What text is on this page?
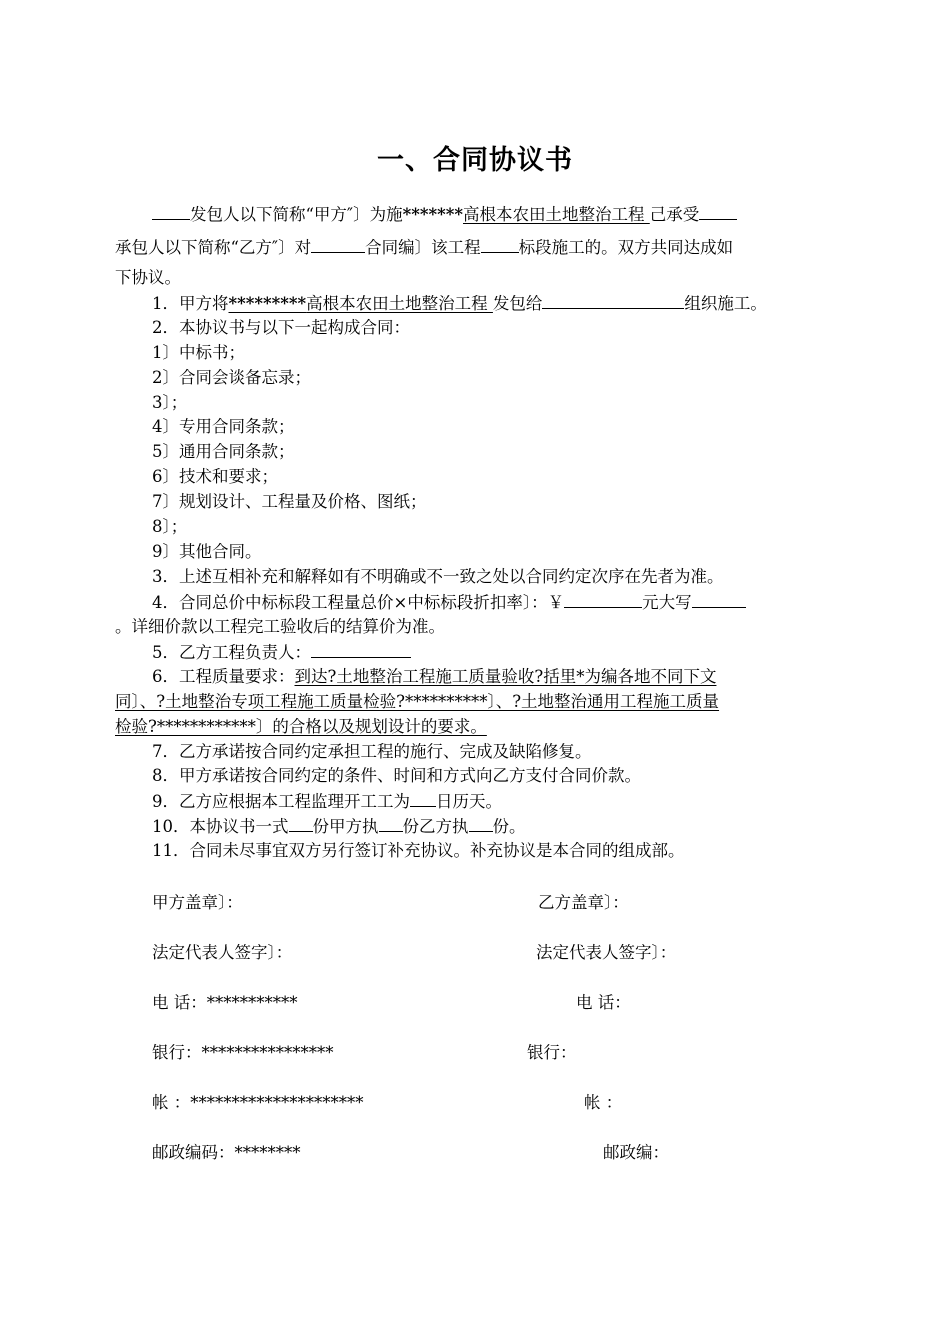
一、合同协议书
发包人以下简称“甲方″〕为施*******高根本农田土地整治工程 己承受
承包人以下简称“乙方″〕对	合同编〕该工程 标段施工的。双方共同达成如
下协议。
1．甲方将*********高根本农田土地整治工程 发包给	组织施工。
2．本协议书与以下一起构成合同：
1〕中标书；
2〕合同会谈备忘录；
3〕；
4〕专用合同条款；
5〕通用合同条款；
6〕技术和要求；
7〕规划设计、工程量及价格、图纸；
8〕；
9〕其他合同。
3．上述互相补充和解释如有不明确或不一致之处以合同约定次序在先者为准。
4．合同总价中标标段工程量总价×中标标段折扣率〕：￥	元大写
。详细价款以工程完工验收后的结算价为准。
5．乙方工程负责人：
6．工程质量要求：到达?土地整治工程施工质量验收?括里*为编各地不同下文
同〕、?土地整治专项工程施工质量检验?**********〕、?土地整治通用工程施工质量
检验?************〕的合格以及规划设计的要求。
7．乙方承诺按合同约定承担工程的施行、完成及缺陷修复。
8．甲方承诺按合同约定的条件、时间和方式向乙方支付合同价款。
9．乙方应根据本工程监理开工工为 日历天。
10．本协议书一式 份甲方执 份乙方执 份。
11．合同未尽事宜双方另行签订补充协议。补充协议是本合同的组成部。
甲方盖章〕：	乙方盖章〕：
法定代表人签字〕：	法定代表人签字〕：
电 话：***********	电 话：
银行：****************	银行：
帐 ：*********************	帐 ：
邮政编码：********	邮政编：
